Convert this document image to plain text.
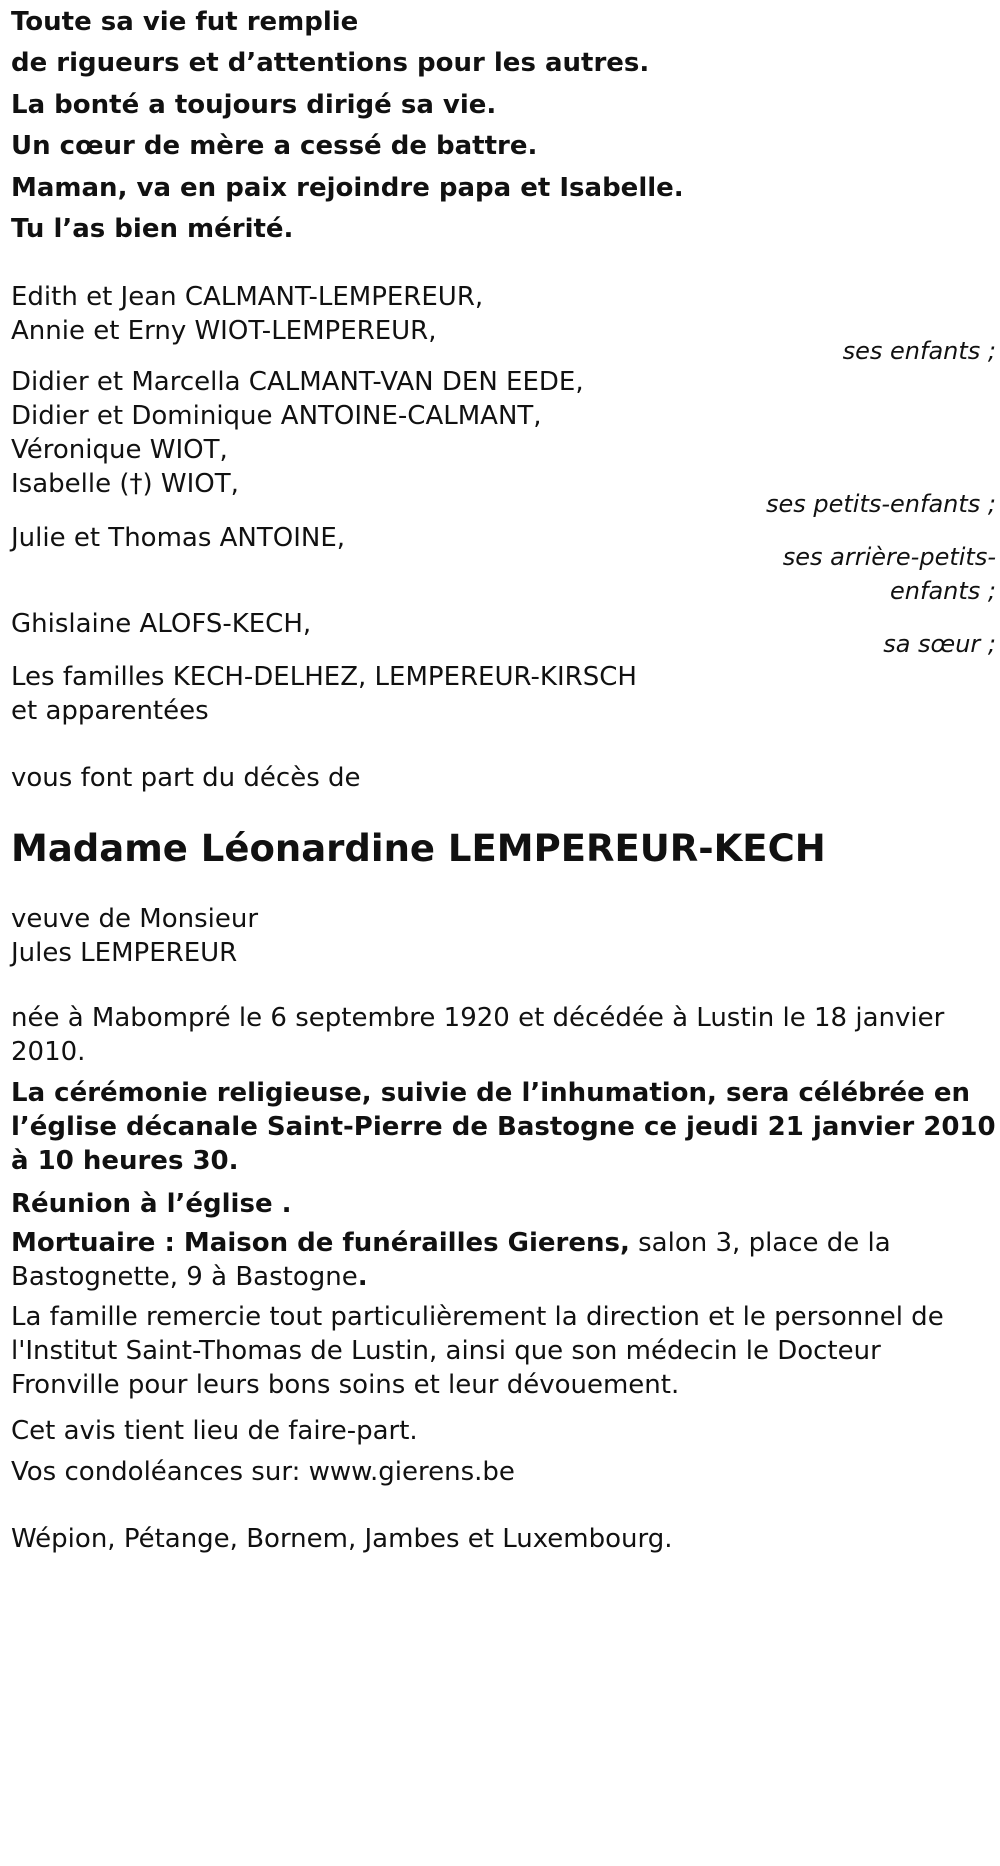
Toute sa vie fut remplie
de rigueurs et d’attentions pour les autres.
La bonté a toujours dirigé sa vie.
Un cœur de mère a cessé de battre.
Maman, va en paix rejoindre papa et Isabelle.
Tu l’as bien mérité.
Edith et Jean CALMANT-LEMPEREUR,
Annie et Erny WIOT-LEMPEREUR,
ses enfants ;
Didier et Marcella CALMANT-VAN DEN EEDE,
Didier et Dominique ANTOINE-CALMANT,
Véronique WIOT,
Isabelle (†) WIOT,
ses petits-enfants ;
Julie et Thomas ANTOINE,
ses arrière-petits-
enfants ;
Ghislaine ALOFS-KECH,
sa sœur ;
Les familles KECH-DELHEZ, LEMPEREUR-KIRSCH
et apparentées
vous font part du décès de
Madame Léonardine LEMPEREUR-KECH
veuve de Monsieur
Jules LEMPEREUR
née à Mabompré le 6 septembre 1920 et décédée à Lustin le 18 janvier 2010.
La cérémonie religieuse, suivie de l’inhumation, sera célébrée en l’église décanale Saint-Pierre de Bastogne ce jeudi 21 janvier 2010 à 10 heures 30.
Réunion à l’église .
Mortuaire : Maison de funérailles Gierens, salon 3, place de la Bastognette, 9 à Bastogne.
La famille remercie tout particulièrement la direction et le personnel de l'Institut Saint-Thomas de Lustin, ainsi que son médecin le Docteur Fronville pour leurs bons soins et leur dévouement.
Cet avis tient lieu de faire-part.
Vos condoléances sur: www.gierens.be
Wépion, Pétange, Bornem, Jambes et Luxembourg.
